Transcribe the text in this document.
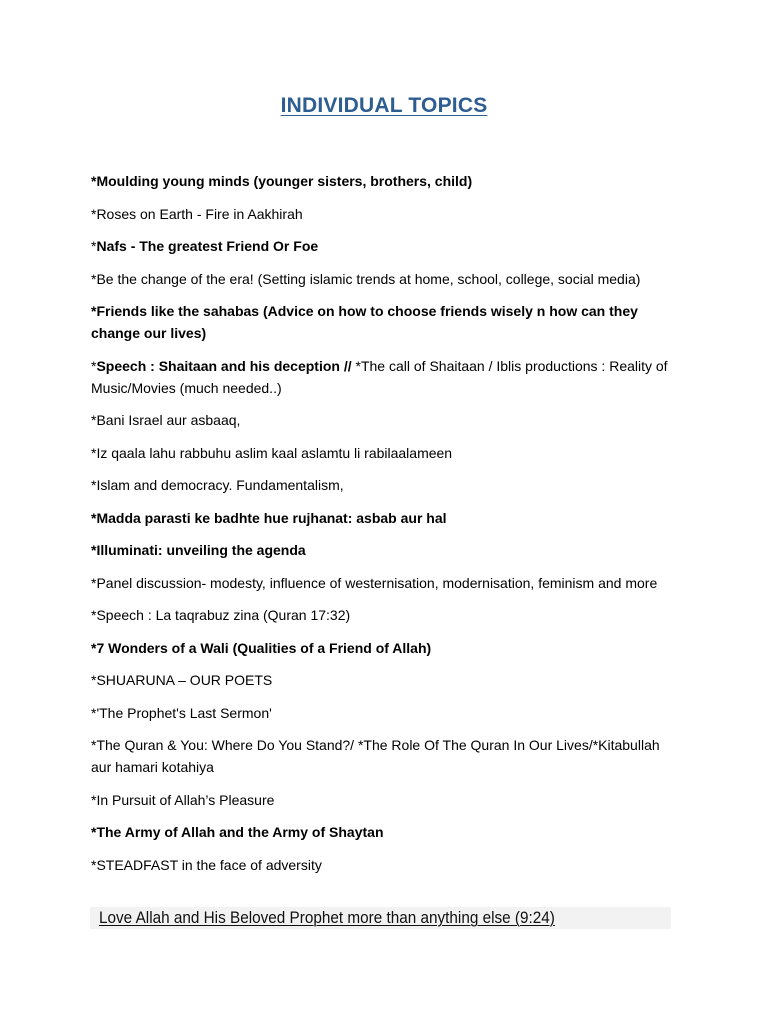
INDIVIDUAL TOPICS
*Moulding young minds (younger sisters, brothers, child)
*Roses on Earth - Fire in Aakhirah
*Nafs - The greatest Friend Or Foe
*Be the change of the era! (Setting islamic trends at home, school, college, social media)
*Friends like the sahabas (Advice on how to choose friends wisely n how can they change our lives)
*Speech : Shaitaan and his deception // *The call of Shaitaan / Iblis productions : Reality of Music/Movies (much needed..)
*Bani Israel aur asbaaq,
*Iz qaala lahu rabbuhu aslim kaal aslamtu li rabilaalameen
*Islam and democracy. Fundamentalism,
*Madda parasti ke badhte hue rujhanat: asbab aur hal
*Illuminati: unveiling the agenda
*Panel discussion- modesty, influence of westernisation, modernisation, feminism and more
*Speech : La taqrabuz zina (Quran 17:32)
*7 Wonders of a Wali (Qualities of a Friend of Allah)
*SHUARUNA – OUR POETS
*'The Prophet's Last Sermon'
*The Quran & You: Where Do You Stand?/ *The Role Of The Quran In Our Lives/*Kitabullah aur hamari kotahiya
*In Pursuit of Allah’s Pleasure
*The Army of Allah and the Army of Shaytan
*STEADFAST in the face of adversity
Love Allah and His Beloved Prophet more than anything else (9:24)
